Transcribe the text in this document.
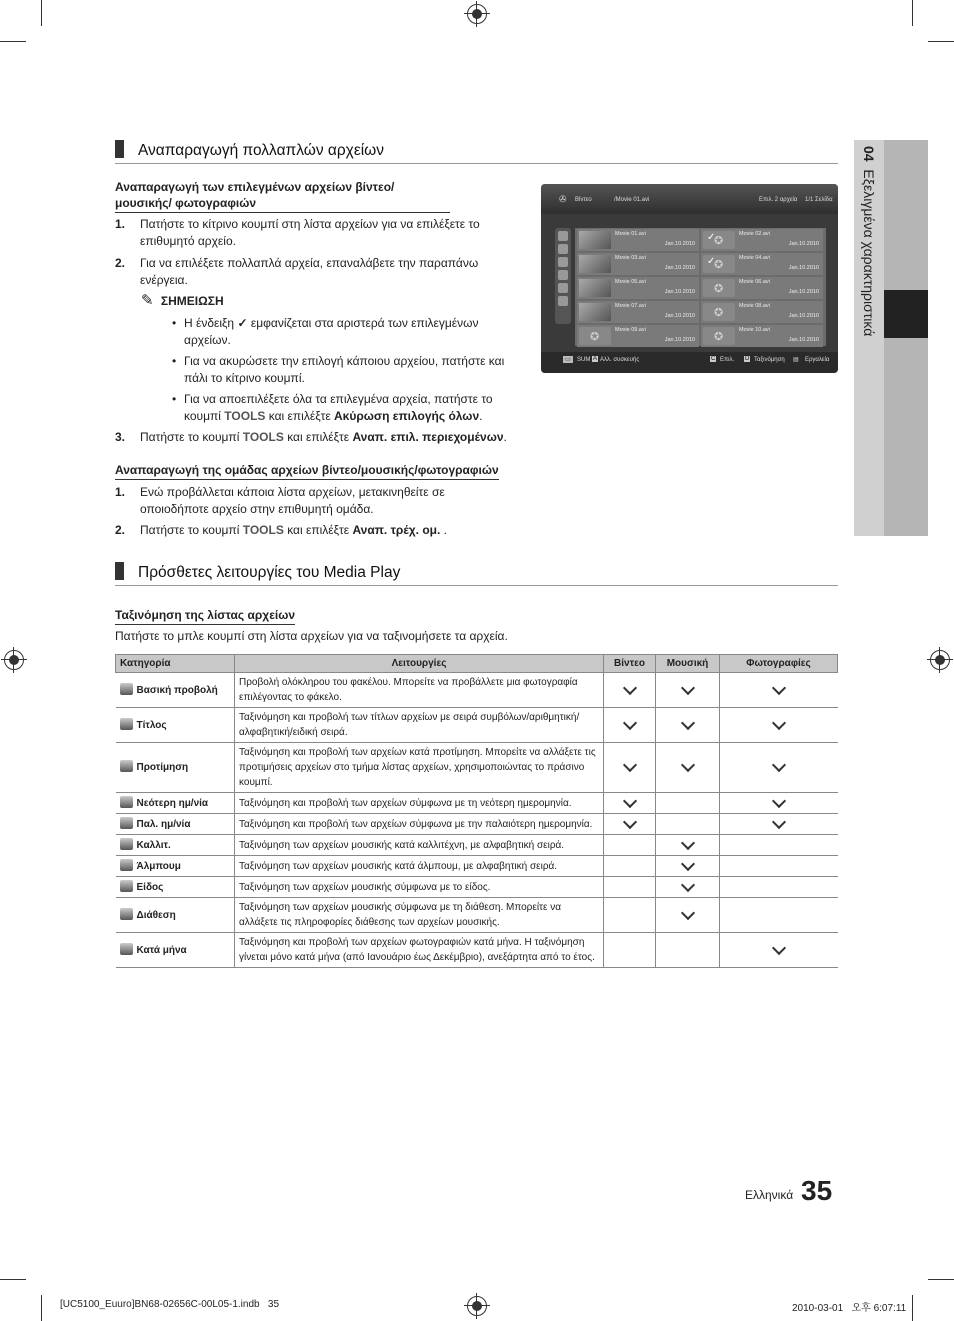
04  Εξελιγμένα χαρακτηριστικά
Αναπαραγωγή πολλαπλών αρχείων
Αναπαραγωγή των επιλεγμένων αρχείων βίντεο/μουσικής/ φωτογραφιών
1. Πατήστε το κίτρινο κουμπί στη λίστα αρχείων για να επιλέξετε το επιθυμητό αρχείο.
2. Για να επιλέξετε πολλαπλά αρχεία, επαναλάβετε την παραπάνω ενέργεια.
✎ ΣΗΜΕΙΩΣΗ
• Η ένδειξη ✓ εμφανίζεται στα αριστερά των επιλεγμένων αρχείων.
• Για να ακυρώσετε την επιλογή κάποιου αρχείου, πατήστε και πάλι το κίτρινο κουμπί.
• Για να αποεπιλέξετε όλα τα επιλεγμένα αρχεία, πατήστε το κουμπί TOOLS και επιλέξτε Ακύρωση επιλογής όλων.
3. Πατήστε το κουμπί TOOLS και επιλέξτε Αναπ. επιλ. περιεχομένων.
Αναπαραγωγή της ομάδας αρχείων βίντεο/μουσικής/φωτογραφιών
1. Ενώ προβάλλεται κάποια λίστα αρχείων, μετακινηθείτε σε οποιοδήποτε αρχείο στην επιθυμητή ομάδα.
2. Πατήστε το κουμπί TOOLS και επιλέξτε Αναπ. τρέχ. ομ. .
✇ Βίντεο	/Movie 01.avi	Επιλ. 2 αρχεία 1/1 Σελίδα
Movie 01.avi
Jan.10.2010
✪
✓	Movie 02.avi
Jan.10.2010
Movie 03.avi
Jan.10.2010
✪
✓	Movie 04.avi
Jan.10.2010
Movie 05.avi
Jan.10.2010
✪
Movie 06.avi
Jan.10.2010
Movie 07.avi
Jan.10.2010
✪
Movie 08.avi
Jan.10.2010
✪
Movie 09.avi
Jan.10.2010
✪
Movie 10.avi
Jan.10.2010
▭	SUM A Αλλ. συσκευής	C Επιλ. D Ταξινόμηση ▤ Εργαλεία
Πρόσθετες λειτουργίες του Media Play
Ταξινόμηση της λίστας αρχείων
Πατήστε το μπλε κουμπί στη λίστα αρχείων για να ταξινομήσετε τα αρχεία.
Κατηγορία	Λειτουργίες	Βίντεο	Μουσική	Φωτογραφίες
Βασική προβολή	Προβολή ολόκληρου του φακέλου. Μπορείτε να προβάλλετε μια φωτογραφία επιλέγοντας το φάκελο.			
Τίτλος	Ταξινόμηση και προβολή των τίτλων αρχείων με σειρά συμβόλων/αριθμητική/ αλφαβητική/ειδική σειρά.			
Προτίμηση	Ταξινόμηση και προβολή των αρχείων κατά προτίμηση. Μπορείτε να αλλάξετε τις προτιμήσεις αρχείων στο τμήμα λίστας αρχείων, χρησιμοποιώντας το πράσινο κουμπί.			
Νεότερη ημ/νία	Ταξινόμηση και προβολή των αρχείων σύμφωνα με τη νεότερη ημερομηνία.			
Παλ. ημ/νία	Ταξινόμηση και προβολή των αρχείων σύμφωνα με την παλαιότερη ημερομηνία.			
Καλλιτ.	Ταξινόμηση των αρχείων μουσικής κατά καλλιτέχνη, με αλφαβητική σειρά.			
Άλμπουμ	Ταξινόμηση των αρχείων μουσικής κατά άλμπουμ, με αλφαβητική σειρά.			
Είδος	Ταξινόμηση των αρχείων μουσικής σύμφωνα με το είδος.			
Διάθεση	Ταξινόμηση των αρχείων μουσικής σύμφωνα με τη διάθεση. Μπορείτε να αλλάξετε τις πληροφορίες διάθεσης των αρχείων μουσικής.			
Κατά μήνα	Ταξινόμηση και προβολή των αρχείων φωτογραφιών κατά μήνα. Η ταξινόμηση γίνεται μόνο κατά μήνα (από Ιανουάριο έως Δεκέμβριο), ανεξάρτητα από το έτος.			
Ελληνικά 35
[UC5100_Euuro]BN68-02656C-00L05-1.indb   35	2010-03-01   오후 6:07:11
